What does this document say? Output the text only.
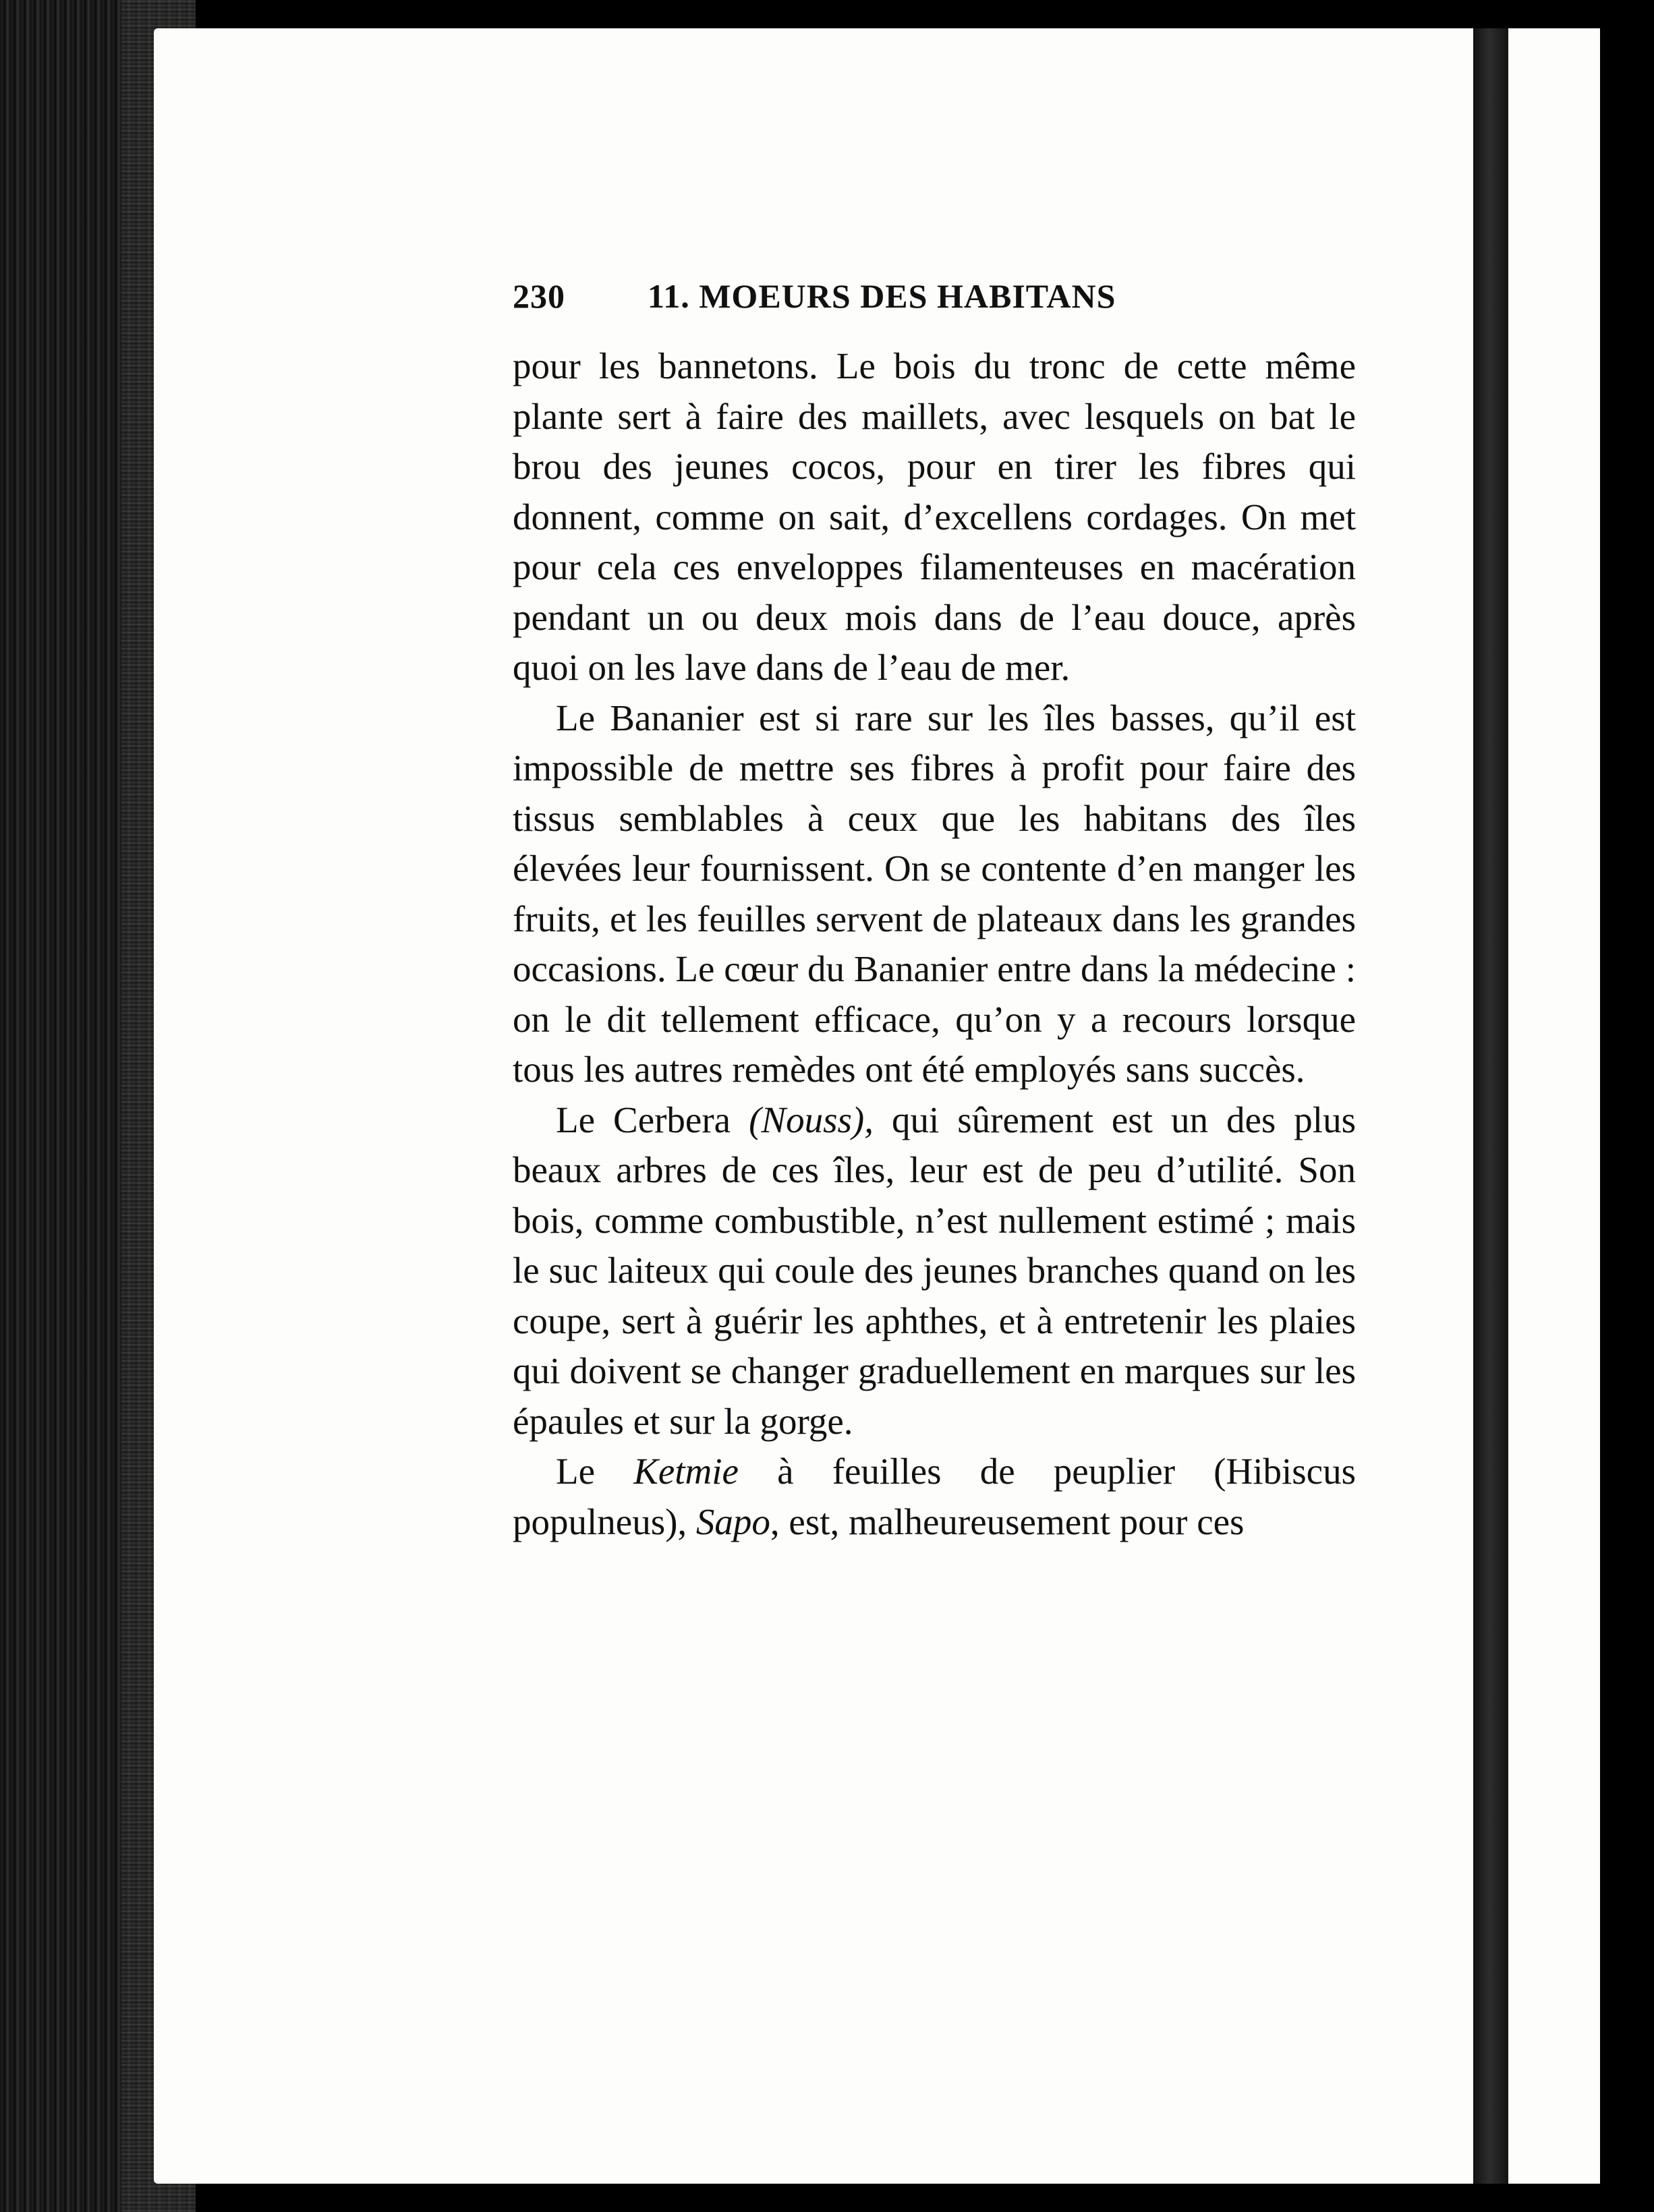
230	11. MOEURS DES HABITANS

pour les bannetons. Le bois du tronc de cette même plante sert à faire des maillets, avec lesquels on bat le brou des jeunes cocos, pour en tirer les fibres qui donnent, comme on sait, d’excellens cordages. On met pour cela ces enveloppes filamenteuses en macération pendant un ou deux mois dans de l’eau douce, après quoi on les lave dans de l’eau de mer.

Le Bananier est si rare sur les îles basses, qu’il est impossible de mettre ses fibres à profit pour faire des tissus semblables à ceux que les habitans des îles élevées leur fournissent. On se contente d’en manger les fruits, et les feuilles servent de plateaux dans les grandes occasions. Le cœur du Bananier entre dans la médecine : on le dit tellement efficace, qu’on y a recours lorsque tous les autres remèdes ont été employés sans succès.

Le Cerbera (Nouss), qui sûrement est un des plus beaux arbres de ces îles, leur est de peu d’utilité. Son bois, comme combustible, n’est nullement estimé ; mais le suc laiteux qui coule des jeunes branches quand on les coupe, sert à guérir les aphthes, et à entretenir les plaies qui doivent se changer graduellement en marques sur les épaules et sur la gorge.

Le Ketmie à feuilles de peuplier (Hibiscus populneus), Sapo, est, malheureusement pour ces
